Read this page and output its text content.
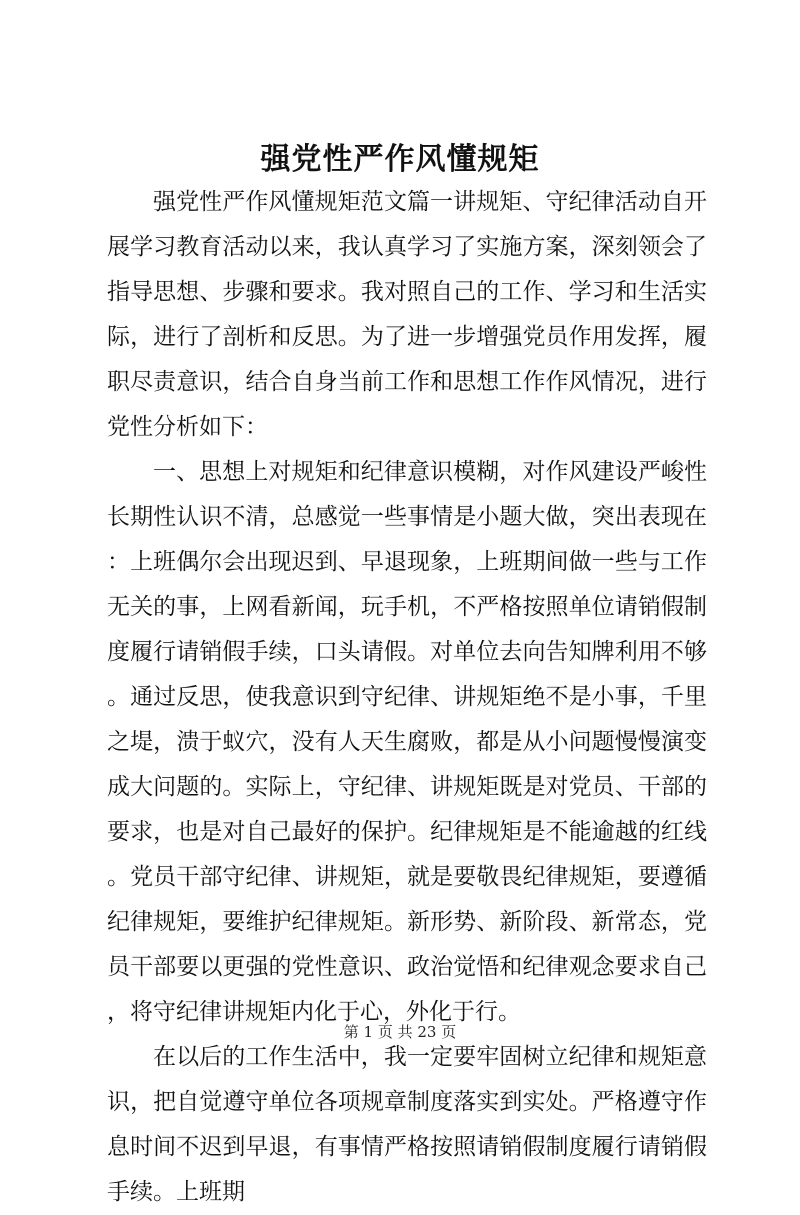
强党性严作风懂规矩

强党性严作风懂规矩范文篇一讲规矩、守纪律活动自开展学习教育活动以来，我认真学习了实施方案，深刻领会了指导思想、步骤和要求。我对照自己的工作、学习和生活实际，进行了剖析和反思。为了进一步增强党员作用发挥，履职尽责意识，结合自身当前工作和思想工作作风情况，进行党性分析如下：

一、思想上对规矩和纪律意识模糊，对作风建设严峻性长期性认识不清，总感觉一些事情是小题大做，突出表现在：上班偶尔会出现迟到、早退现象，上班期间做一些与工作无关的事，上网看新闻，玩手机，不严格按照单位请销假制度履行请销假手续，口头请假。对单位去向告知牌利用不够。通过反思，使我意识到守纪律、讲规矩绝不是小事，千里之堤，溃于蚁穴，没有人天生腐败，都是从小问题慢慢演变成大问题的。实际上，守纪律、讲规矩既是对党员、干部的要求，也是对自己最好的保护。纪律规矩是不能逾越的红线。党员干部守纪律、讲规矩，就是要敬畏纪律规矩，要遵循纪律规矩，要维护纪律规矩。新形势、新阶段、新常态，党员干部要以更强的党性意识、政治觉悟和纪律观念要求自己，将守纪律讲规矩内化于心，外化于行。

在以后的工作生活中，我一定要牢固树立纪律和规矩意识，把自觉遵守单位各项规章制度落实到实处。严格遵守作息时间不迟到早退，有事情严格按照请销假制度履行请销假手续。上班期

第 1 页 共 23 页
